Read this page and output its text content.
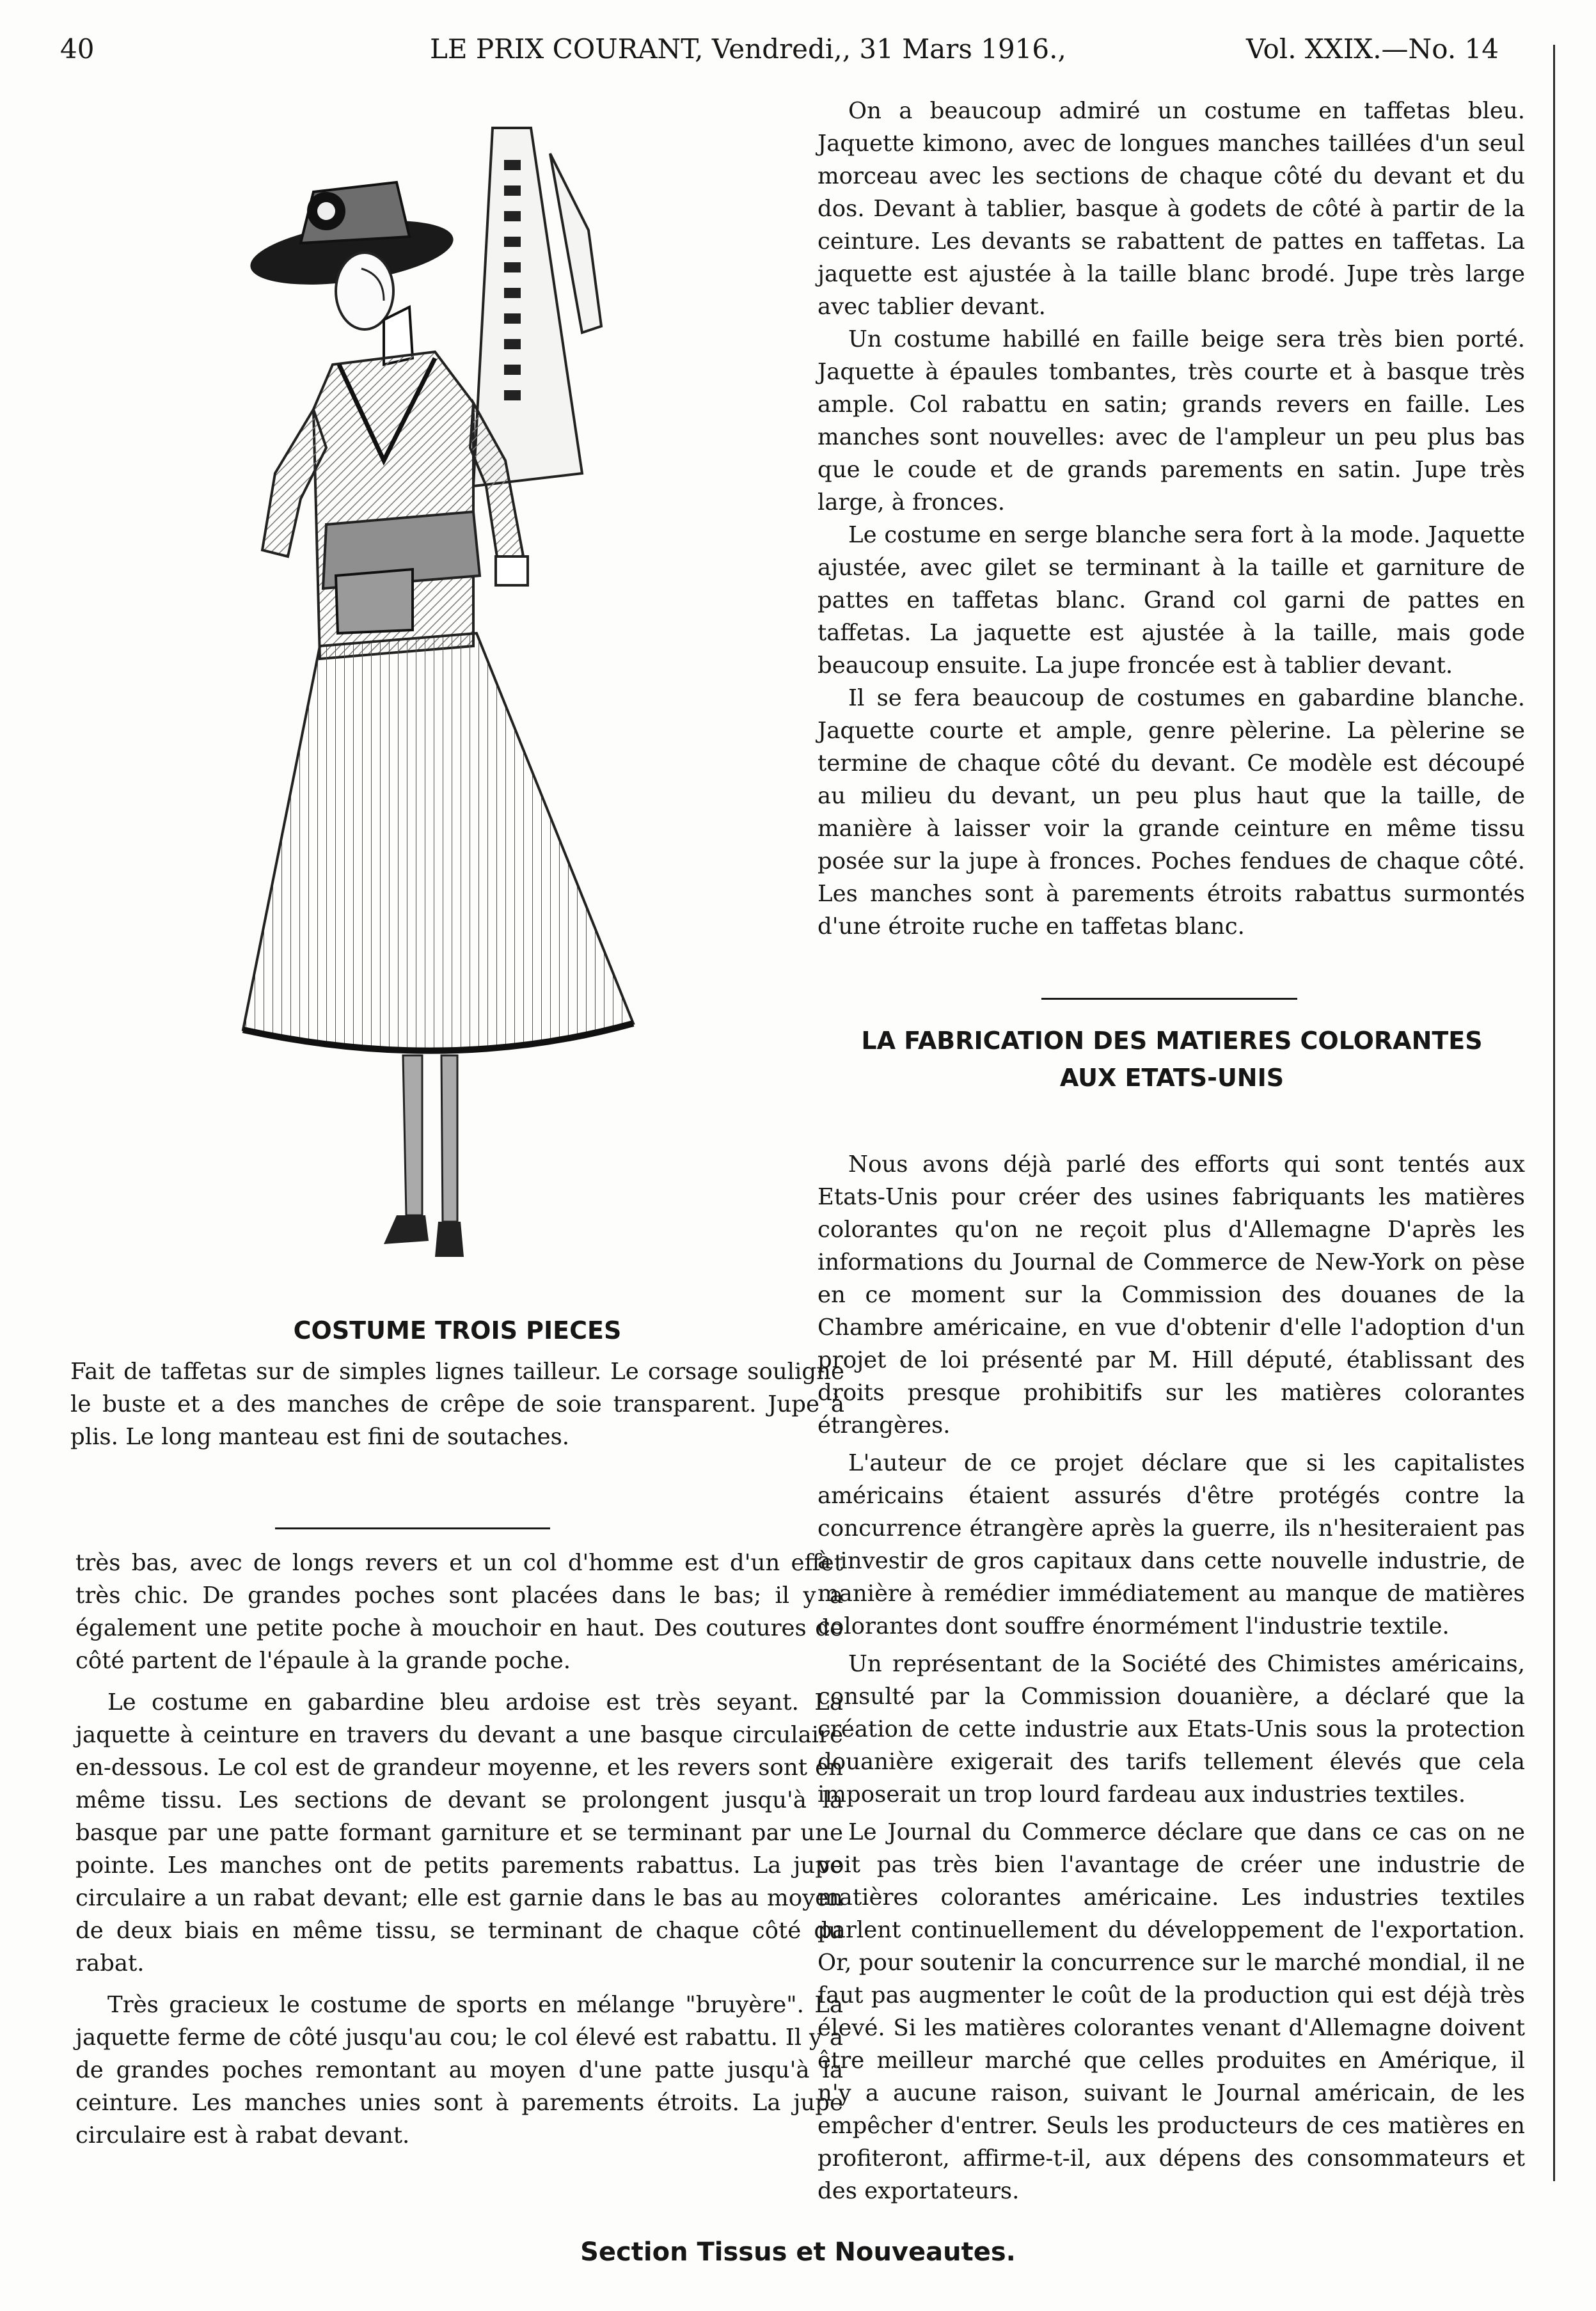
40	LE PRIX COURANT, Vendredi,, 31 Mars 1916.,	Vol. XXIX.—No. 14
COSTUME TROIS PIECES

Fait de taffetas sur de simples lignes tailleur. Le corsage souligne le buste et a des manches de crêpe de soie transparent. Jupe à plis. Le long manteau est fini de soutaches.

très bas, avec de longs revers et un col d'homme est d'un effet très chic. De grandes poches sont placées dans le bas; il y a également une petite poche à mouchoir en haut. Des coutures de côté partent de l'épaule à la grande poche.

Le costume en gabardine bleu ardoise est très seyant. La jaquette à ceinture en travers du devant a une basque circulaire en-dessous. Le col est de grandeur moyenne, et les revers sont en même tissu. Les sections de devant se prolongent jusqu'à la basque par une patte formant garniture et se terminant par une pointe. Les manches ont de petits parements rabattus. La jupe circulaire a un rabat devant; elle est garnie dans le bas au moyen de deux biais en même tissu, se terminant de chaque côté du rabat.

Très gracieux le costume de sports en mélange "bruyère". La jaquette ferme de côté jusqu'au cou; le col élevé est rabattu. Il y a de grandes poches remontant au moyen d'une patte jusqu'à la ceinture. Les manches unies sont à parements étroits. La jupe circulaire est à rabat devant.

On a beaucoup admiré un costume en taffetas bleu. Jaquette kimono, avec de longues manches taillées d'un seul morceau avec les sections de chaque côté du devant et du dos. Devant à tablier, basque à godets de côté à partir de la ceinture. Les devants se rabattent de pattes en taffetas. La jaquette est ajustée à la taille blanc brodé. Jupe très large avec tablier devant.

Un costume habillé en faille beige sera très bien porté. Jaquette à épaules tombantes, très courte et à basque très ample. Col rabattu en satin; grands revers en faille. Les manches sont nouvelles: avec de l'ampleur un peu plus bas que le coude et de grands parements en satin. Jupe très large, à fronces.

Le costume en serge blanche sera fort à la mode. Jaquette ajustée, avec gilet se terminant à la taille et garniture de pattes en taffetas blanc. Grand col garni de pattes en taffetas. La jaquette est ajustée à la taille, mais gode beaucoup ensuite. La jupe froncée est à tablier devant.

Il se fera beaucoup de costumes en gabardine blanche. Jaquette courte et ample, genre pèlerine. La pèlerine se termine de chaque côté du devant. Ce modèle est découpé au milieu du devant, un peu plus haut que la taille, de manière à laisser voir la grande ceinture en même tissu posée sur la jupe à fronces. Poches fendues de chaque côté. Les manches sont à parements étroits rabattus surmontés d'une étroite ruche en taffetas blanc.

LA FABRICATION DES MATIERES COLORANTES
AUX ETATS-UNIS

Nous avons déjà parlé des efforts qui sont tentés aux Etats-Unis pour créer des usines fabriquants les matières colorantes qu'on ne reçoit plus d'Allemagne D'après les informations du Journal de Commerce de New-York on pèse en ce moment sur la Commission des douanes de la Chambre américaine, en vue d'obtenir d'elle l'adoption d'un projet de loi présenté par M. Hill député, établissant des droits presque prohibitifs sur les matières colorantes étrangères.

L'auteur de ce projet déclare que si les capitalistes américains étaient assurés d'être protégés contre la concurrence étrangère après la guerre, ils n'hesiteraient pas à investir de gros capitaux dans cette nouvelle industrie, de manière à remédier immédiatement au manque de matières colorantes dont souffre énormément l'industrie textile.

Un représentant de la Société des Chimistes américains, consulté par la Commission douanière, a déclaré que la création de cette industrie aux Etats-Unis sous la protection douanière exigerait des tarifs tellement élevés que cela imposerait un trop lourd fardeau aux industries textiles.

Le Journal du Commerce déclare que dans ce cas on ne voit pas très bien l'avantage de créer une industrie de matières colorantes américaine. Les industries textiles parlent continuellement du développement de l'exportation. Or, pour soutenir la concurrence sur le marché mondial, il ne faut pas augmenter le coût de la production qui est déjà très élevé. Si les matières colorantes venant d'Allemagne doivent être meilleur marché que celles produites en Amérique, il n'y a aucune raison, suivant le Journal américain, de les empêcher d'entrer. Seuls les producteurs de ces matières en profiteront, affirme-t-il, aux dépens des consommateurs et des exportateurs.

Section Tissus et Nouveautes.
